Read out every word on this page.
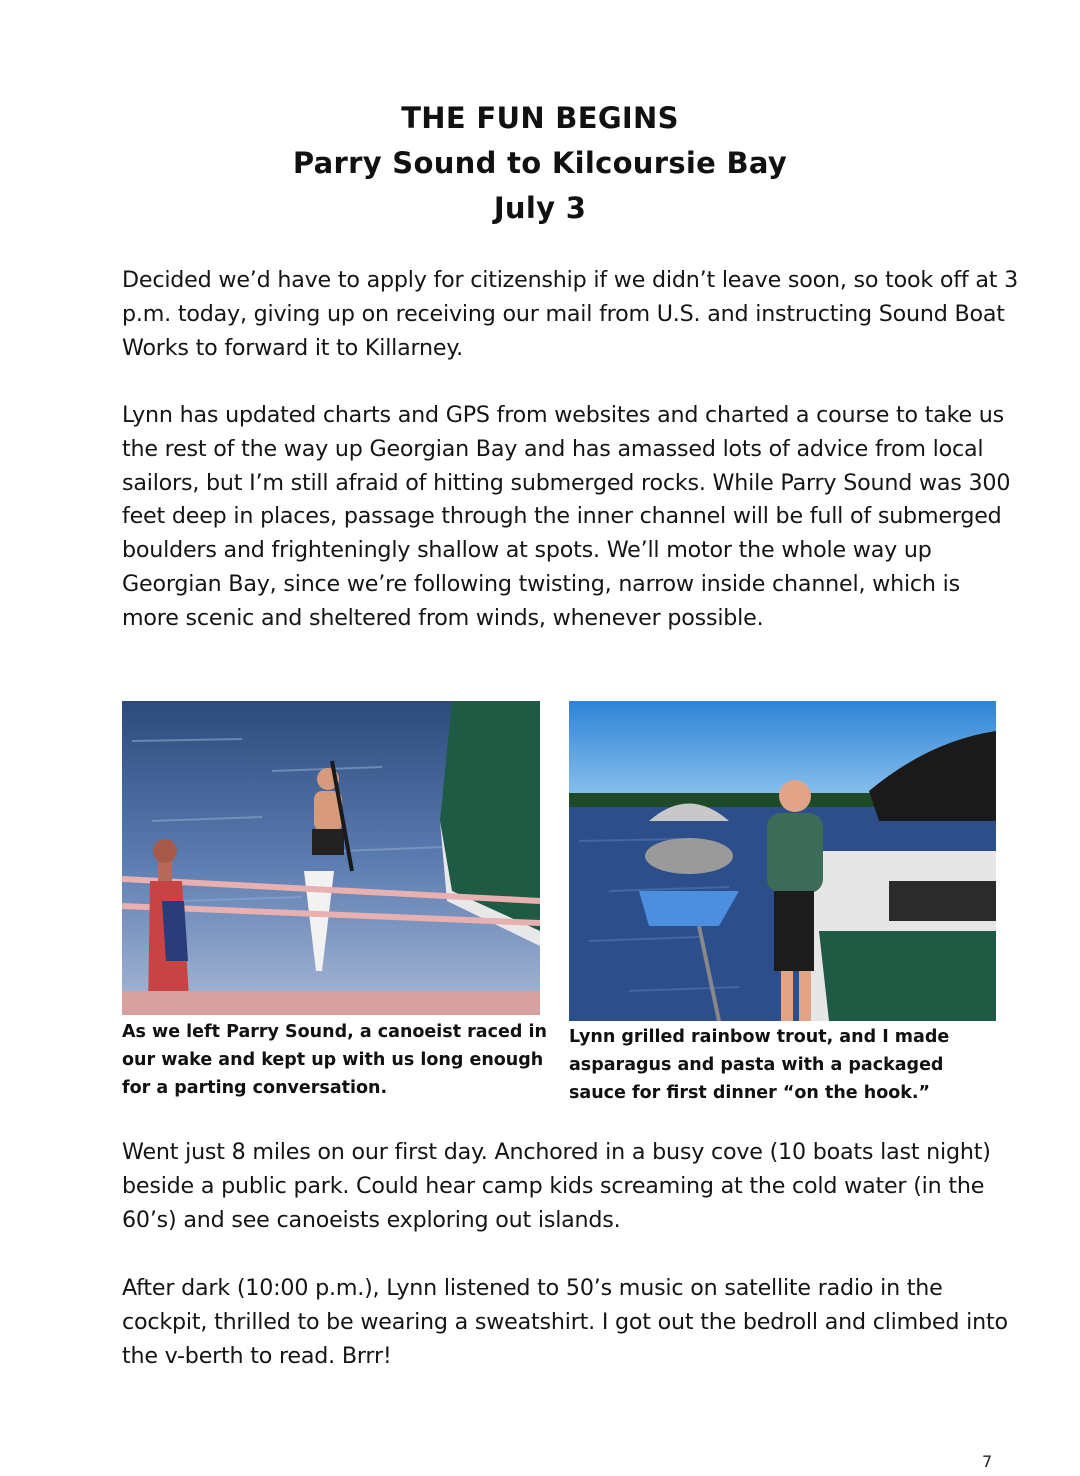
THE FUN BEGINS
Parry Sound to Kilcoursie Bay
July 3

Decided we’d have to apply for citizenship if we didn’t leave soon, so took off at 3 p.m. today, giving up on receiving our mail from U.S. and instructing Sound Boat Works to forward it to Killarney.

Lynn has updated charts and GPS from websites and charted a course to take us the rest of the way up Georgian Bay and has amassed lots of advice from local sailors, but I’m still afraid of hitting submerged rocks. While Parry Sound was 300 feet deep in places, passage through the inner channel will be full of submerged boulders and frighteningly shallow at spots. We’ll motor the whole way up Georgian Bay, since we’re following twisting, narrow inside channel, which is more scenic and sheltered from winds, whenever possible.

As we left Parry Sound, a canoeist raced in our wake and kept up with us long enough for a parting conversation.

Lynn grilled rainbow trout, and I made asparagus and pasta with a packaged sauce for first dinner “on the hook.”

Went just 8 miles on our first day. Anchored in a busy cove (10 boats last night) beside a public park. Could hear camp kids screaming at the cold water (in the 60’s) and see canoeists exploring out islands.

After dark (10:00 p.m.), Lynn listened to 50’s music on satellite radio in the cockpit, thrilled to be wearing a sweatshirt. I got out the bedroll and climbed into the v-berth to read. Brrr!

7
